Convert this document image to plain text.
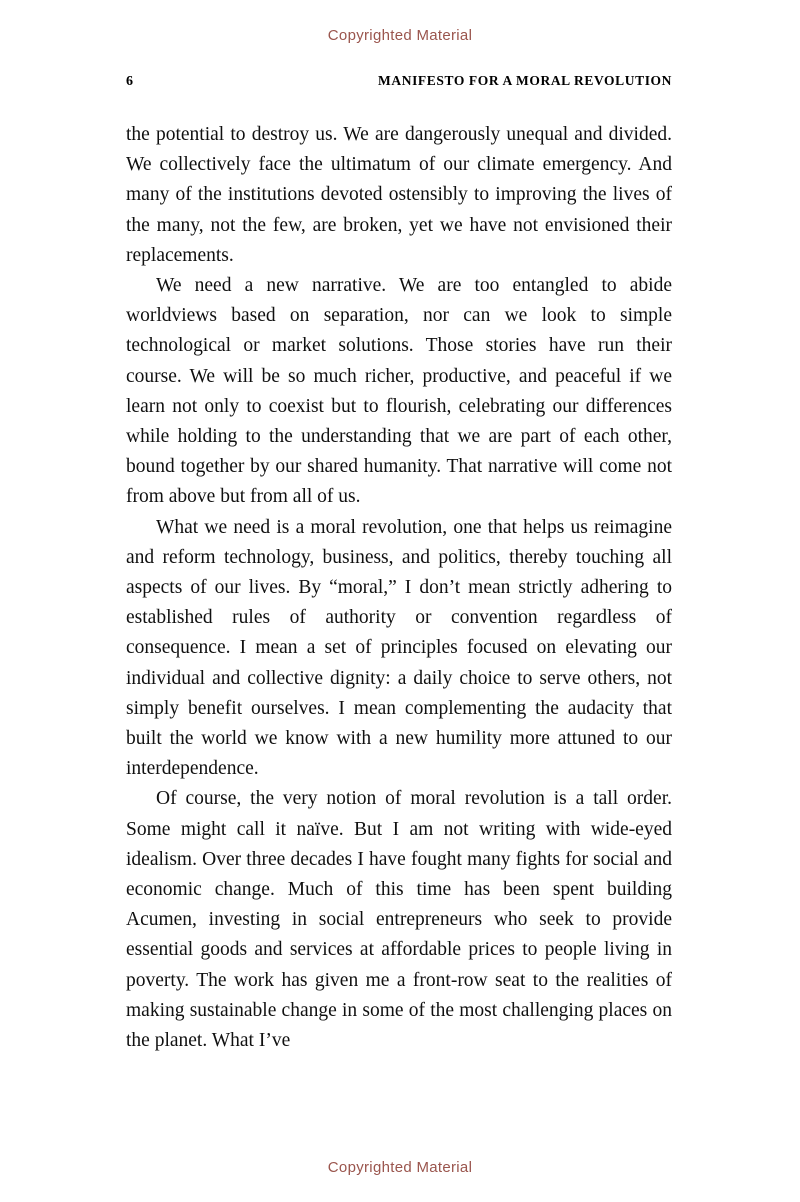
Copyrighted Material
6	MANIFESTO FOR A MORAL REVOLUTION

the potential to destroy us. We are dangerously unequal and divided. We collectively face the ultimatum of our climate emergency. And many of the institutions devoted ostensibly to improving the lives of the many, not the few, are broken, yet we have not envisioned their replacements.

We need a new narrative. We are too entangled to abide worldviews based on separation, nor can we look to simple technological or market solutions. Those stories have run their course. We will be so much richer, productive, and peaceful if we learn not only to coexist but to flourish, celebrating our differences while holding to the understanding that we are part of each other, bound together by our shared humanity. That narrative will come not from above but from all of us.

What we need is a moral revolution, one that helps us reimagine and reform technology, business, and politics, thereby touching all aspects of our lives. By “moral,” I don’t mean strictly adhering to established rules of authority or convention regardless of consequence. I mean a set of principles focused on elevating our individual and collective dignity: a daily choice to serve others, not simply benefit ourselves. I mean complementing the audacity that built the world we know with a new humility more attuned to our interdependence.

Of course, the very notion of moral revolution is a tall order. Some might call it naïve. But I am not writing with wide-eyed idealism. Over three decades I have fought many fights for social and economic change. Much of this time has been spent building Acumen, investing in social entrepreneurs who seek to provide essential goods and services at affordable prices to people living in poverty. The work has given me a front-row seat to the realities of making sustainable change in some of the most challenging places on the planet. What I’ve

Copyrighted Material
